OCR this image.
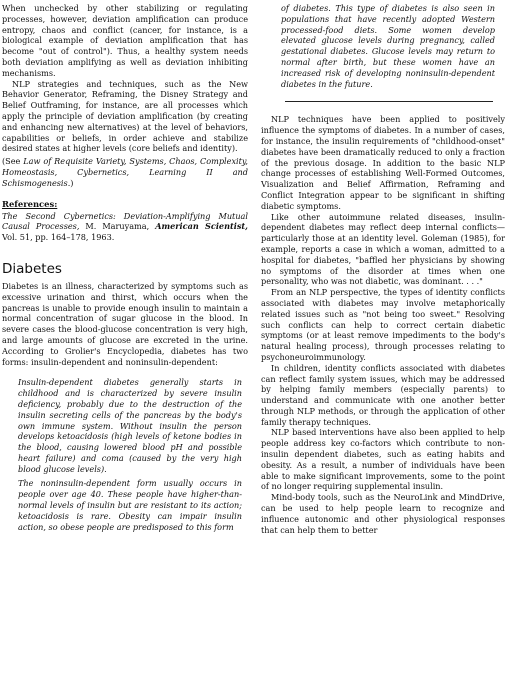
When unchecked by other stabilizing or regulating processes, however, deviation amplification can produce entropy, chaos and conflict (cancer, for instance, is a biological example of deviation amplification that has become "out of control"). Thus, a healthy system needs both deviation amplifying as well as deviation inhibiting mechanisms.

NLP strategies and techniques, such as the New Behavior Generator, Reframing, the Disney Strategy and Belief Outframing, for instance, are all processes which apply the principle of deviation amplification (by creating and enhancing new alternatives) at the level of behaviors, capabilities or beliefs, in order achieve and stabilize desired states at higher levels (core beliefs and identity).

(See Law of Requisite Variety, Systems, Chaos, Complexity, Homeostasis, Cybernetics, Learning II and Schismogenesis.)

References:

The Second Cybernetics: Deviation-Amplifying Mutual Causal Processes, M. Maruyama, American Scientist, Vol. 51, pp. 164–178, 1963.

Diabetes

Diabetes is an illness, characterized by symptoms such as excessive urination and thirst, which occurs when the pancreas is unable to provide enough insulin to maintain a normal concentration of sugar glucose in the blood. In severe cases the blood-glucose concentration is very high, and large amounts of glucose are excreted in the urine. According to Grolier's Encyclopedia, diabetes has two forms: insulin-dependent and noninsulin-dependent:

Insulin-dependent diabetes generally starts in childhood and is characterized by severe insulin deficiency, probably due to the destruction of the insulin secreting cells of the pancreas by the body's own immune system. Without insulin the person develops ketoacidosis (high levels of ketone bodies in the blood, causing lowered blood pH and possible heart failure) and coma (caused by the very high blood glucose levels).

The noninsulin-dependent form usually occurs in people over age 40. These people have higher-than-normal levels of insulin but are resistant to its action; ketoacidosis is rare. Obesity can impair insulin action, so obese people are predisposed to this form

of diabetes. This type of diabetes is also seen in populations that have recently adopted Western processed-food diets. Some women develop elevated glucose levels during pregnancy, called gestational diabetes. Glucose levels may return to normal after birth, but these women have an increased risk of developing noninsulin-dependent diabetes in the future.

NLP techniques have been applied to positively influence the symptoms of diabetes. In a number of cases, for instance, the insulin requirements of "childhood-onset" diabetes have been dramatically reduced to only a fraction of the previous dosage. In addition to the basic NLP change processes of establishing Well-Formed Outcomes, Visualization and Belief Affirmation, Reframing and Conflict Integration appear to be significant in shifting diabetic symptoms.

Like other autoimmune related diseases, insulin-dependent diabetes may reflect deep internal conflicts—particularly those at an identity level. Goleman (1985), for example, reports a case in which a woman, admitted to a hospital for diabetes, "baffled her physicians by showing no symptoms of the disorder at times when one personality, who was not diabetic, was dominant. . . ."

From an NLP perspective, the types of identity conflicts associated with diabetes may involve metaphorically related issues such as "not being too sweet." Resolving such conflicts can help to correct certain diabetic symptoms (or at least remove impediments to the body's natural healing process), through processes relating to psychoneuroimmunology.

In children, identity conflicts associated with diabetes can reflect family system issues, which may be addressed by helping family members (especially parents) to understand and communicate with one another better through NLP methods, or through the application of other family therapy techniques.

NLP based interventions have also been applied to help people address key co-factors which contribute to non-insulin dependent diabetes, such as eating habits and obesity. As a result, a number of individuals have been able to make significant improvements, some to the point of no longer requiring supplemental insulin.

Mind-body tools, such as the NeuroLink and MindDrive, can be used to help people learn to recognize and influence autonomic and other physiological responses that can help them to better
